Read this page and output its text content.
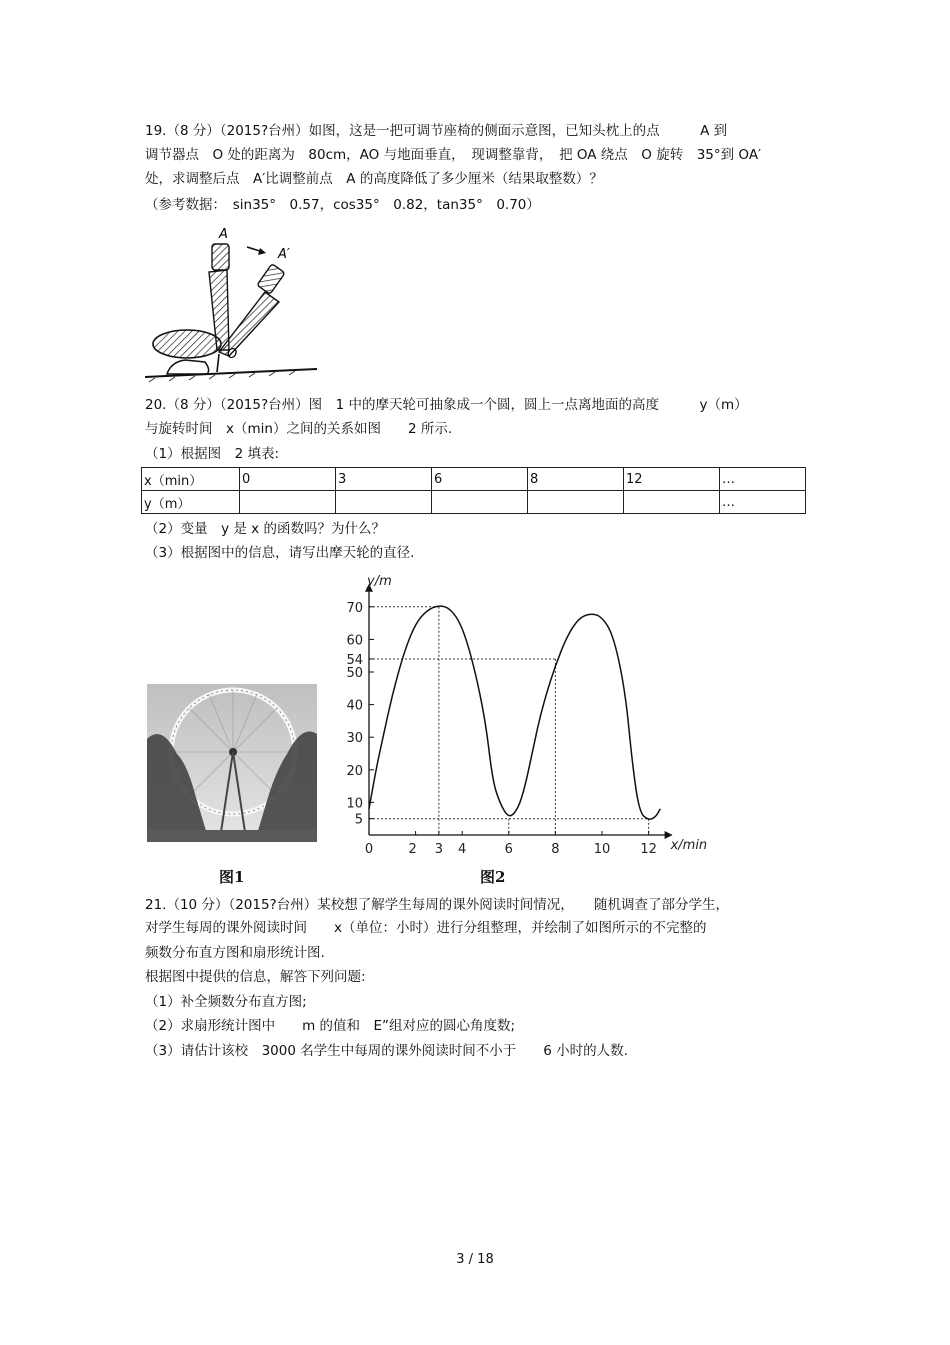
19.（8 分）（2015?台州）如图，这是一把可调节座椅的侧面示意图，已知头枕上的点　　　A 到
调节器点　O 处的距离为　80cm，AO 与地面垂直，　现调整靠背，　把 OA 绕点　O 旋转　35°到 OA′
处，求调整后点　A′比调整前点　A 的高度降低了多少厘米（结果取整数）？
（参考数据：　sin35°　0.57，cos35°　0.82，tan35°　0.70）
A
A′
O
20.（8 分）（2015?台州）图　1 中的摩天轮可抽象成一个圆，圆上一点离地面的高度　　　y（m）
与旋转时间　x（min）之间的关系如图　　2 所示.
（1）根据图　2 填表:
x（min）	0	3	6	8	12	…
y（m）						…
（2）变量　y 是 x 的函数吗？为什么？
（3）根据图中的信息，请写出摩天轮的直径.
图1
5
10
20
30
40
50
54
60
70
0	2 3 4	6	8	10 12 x/min
y/m
图2
21.（10 分）（2015?台州）某校想了解学生每周的课外阅读时间情况，　　随机调查了部分学生，
对学生每周的课外阅读时间　　x（单位：小时）进行分组整理，并绘制了如图所示的不完整的
频数分布直方图和扇形统计图.
根据图中提供的信息，解答下列问题:
（1）补全频数分布直方图;
（2）求扇形统计图中　　m 的值和　E”组对应的圆心角度数;
（3）请估计该校　3000 名学生中每周的课外阅读时间不小于　　6 小时的人数.
3 / 18
